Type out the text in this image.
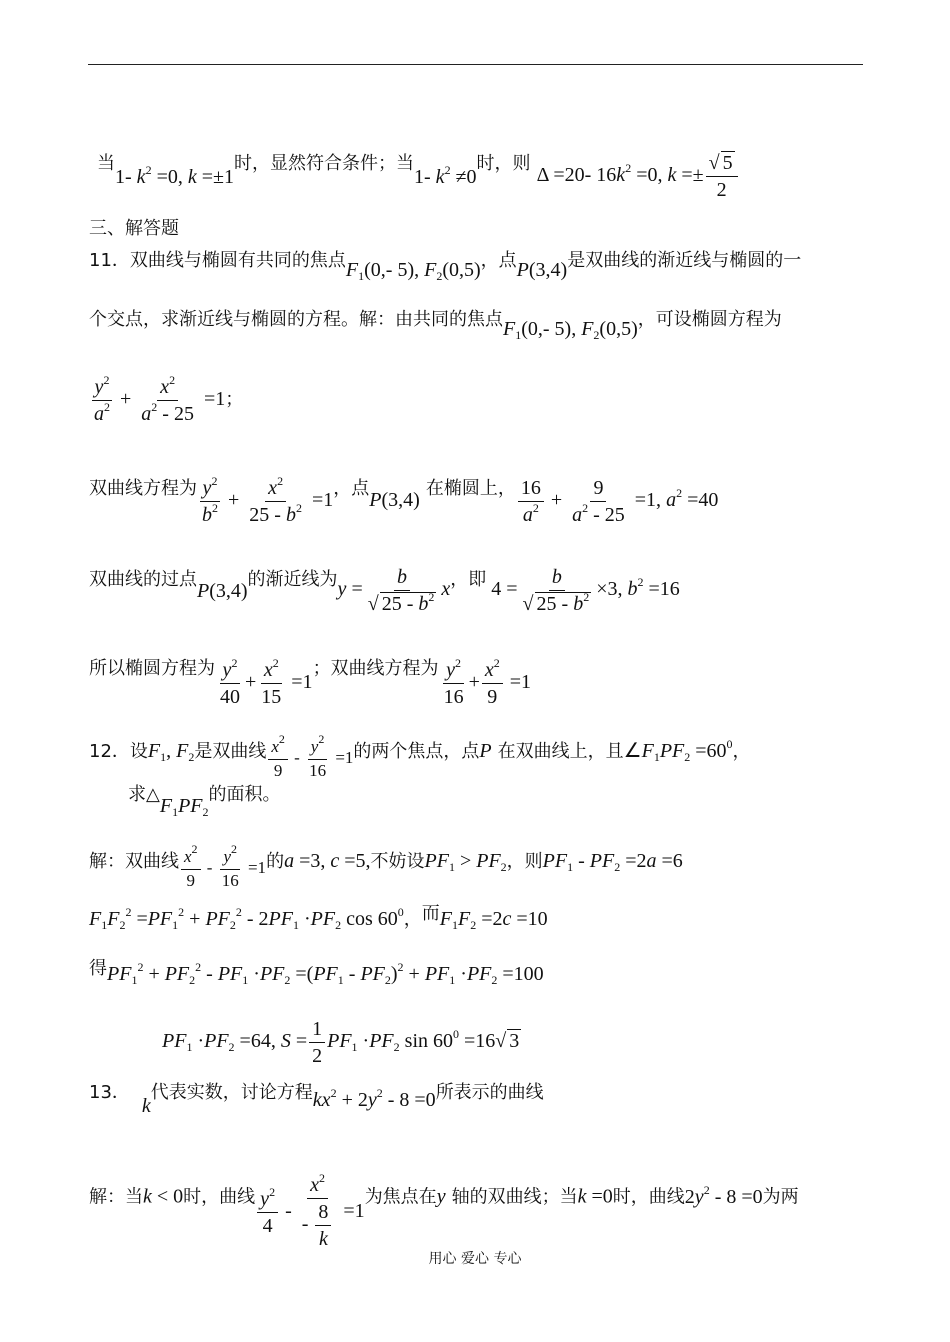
当1- $k^2 =0$, k =±1时，显然符合条件；当1- $k^2 \ne 0$时，则 Δ =20- $16k^2 =0$, $k =\pm \frac{√ 5}{2}$
三、解答题
11．双曲线与椭圆有共同的焦点$F_1(0,-$ 5), $F_2(0,5)$，点P(3,4)是双曲线的渐近线与椭圆的一
个交点，求渐近线与椭圆的方程。解：由共同的焦点$F_1(0,-$ 5), $F_2(0,5)$，可设椭圆方程为
$\frac{y^2}{a^2} + \frac{x^2}{a^2 - 25} =1$；
双曲线方程为 $\frac{y^2}{b^2} + \frac{x^2}{25 - b^2} =1$，点P(3,4) 在椭圆上， $\frac{16}{a^2} + \frac{9}{a^2 - 25} =1$, $a^2 =40$
双曲线的过点P(3,4)的渐近线为$y = \frac{b}{√ 25 - b^2}$ x，即 $4 = \frac{b}{√ 25 - b^2} \times 3$, $b^2 =16$
所以椭圆方程为 $\frac{y^2}{40} + \frac{x^2}{15} =1$；双曲线方程为 $\frac{y^2}{16} + \frac{x^2}{9} =1$
12．设$F_1$, $F_2$是双曲线 $\frac{x^2}{9} - \frac{y^2}{16} =1$的两个焦点，点P 在双曲线上，且$\angle F_1PF_2 =60^0$，
求$\triangle F_1PF_2$的面积。
解：双曲线 $\frac{x^2}{9} - \frac{y^2}{16} =1$的a =3, c =5,不妨设$PF_1 > PF_2$，则$PF_1 - PF_2 =2a =6$
$F_1F_2^2 =PF_1^2 + PF_2^2 - 2PF_1 \cdot PF_2$ $\cos 60^0$，而$F_1F_2 =2c =10$
得$PF_1^2 + PF_2^2 - PF_1 \cdot PF_2 =(PF_1 - PF_2)^2 + PF_1 \cdot PF_2 =100$
$PF_1 \cdot PF_2 =64$, $S = \frac{1}{2} PF_1 \cdot PF_2$ $\sin 60^0 =16√$ 3
13．k代表实数，讨论方程$kx^2 + 2y^2 - 8 =0$所表示的曲线
解：当k < 0时，曲线 $\frac{y^2}{4} - \frac{x^2}{- \frac{8}{k}} =1$为焦点在y 轴的双曲线；当k =0时，曲线$2y^2 - 8 =0$为两
用心 爱心 专心
